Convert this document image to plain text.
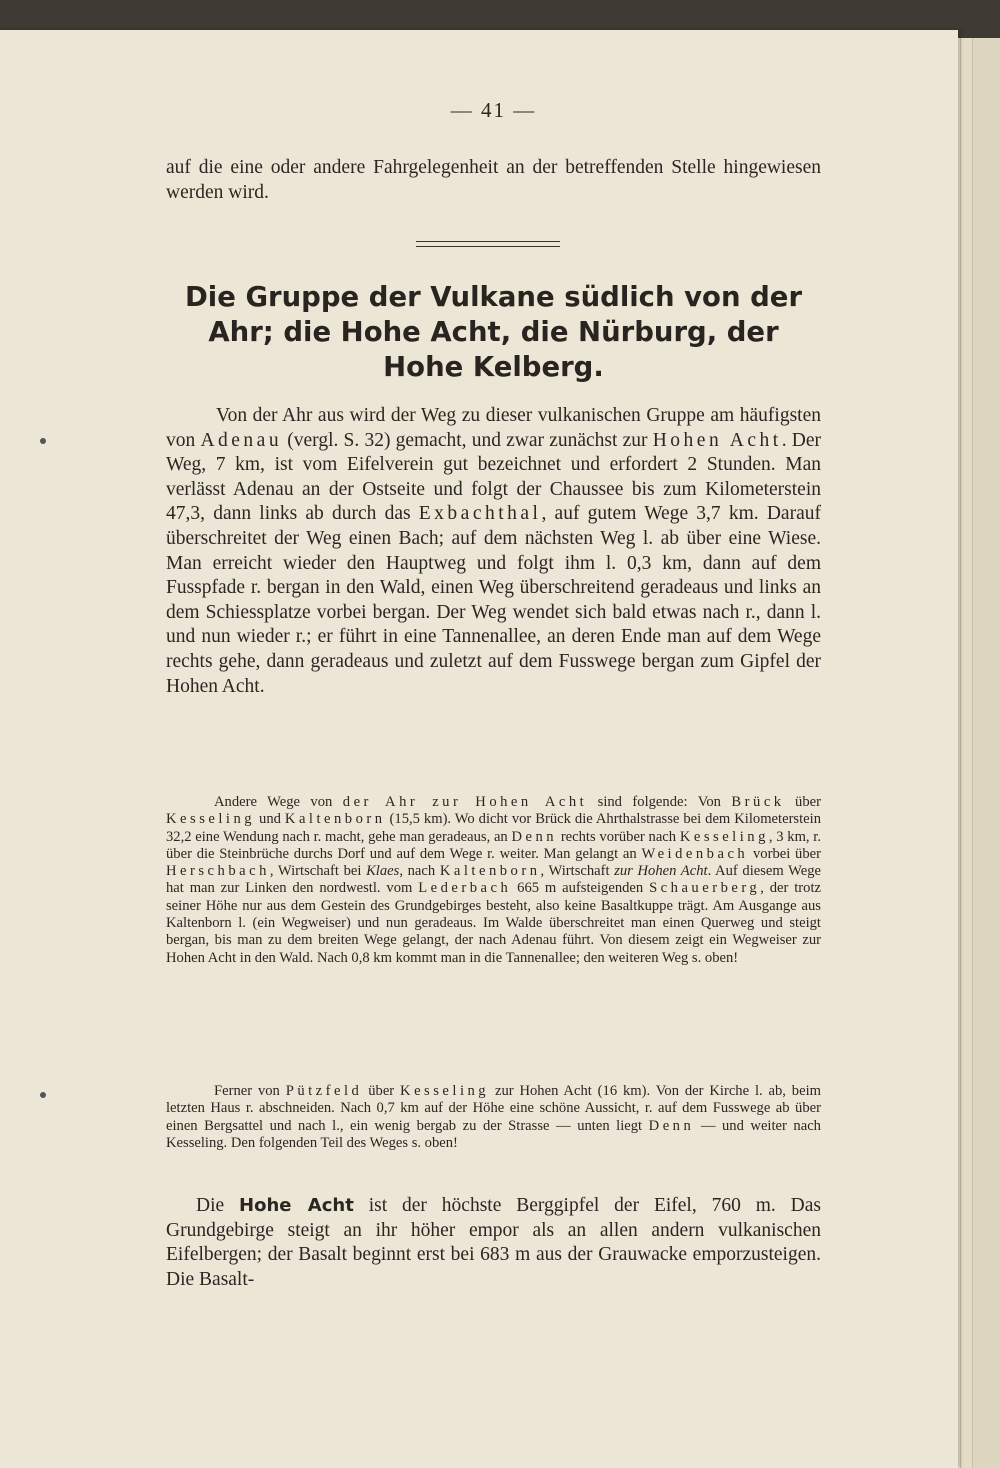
— 41 —

auf die eine oder andere Fahrgelegenheit an der betreffenden Stelle hingewiesen werden wird.

Die Gruppe der Vulkane südlich von der Ahr; die Hohe Acht, die Nürburg, der Hohe Kelberg.

Von der Ahr aus wird der Weg zu dieser vulkanischen Gruppe am häufigsten von Adenau (vergl. S. 32) gemacht, und zwar zunächst zur Hohen Acht. Der Weg, 7 km, ist vom Eifelverein gut bezeichnet und erfordert 2 Stunden. Man verlässt Adenau an der Ostseite und folgt der Chaussee bis zum Kilometerstein 47,3, dann links ab durch das Exbachthal, auf gutem Wege 3,7 km. Darauf überschreitet der Weg einen Bach; auf dem nächsten Weg l. ab über eine Wiese. Man erreicht wieder den Hauptweg und folgt ihm l. 0,3 km, dann auf dem Fusspfade r. bergan in den Wald, einen Weg überschreitend geradeaus und links an dem Schiessplatze vorbei bergan. Der Weg wendet sich bald etwas nach r., dann l. und nun wieder r.; er führt in eine Tannenallee, an deren Ende man auf dem Wege rechts gehe, dann geradeaus und zuletzt auf dem Fusswege bergan zum Gipfel der Hohen Acht.

Andere Wege von der Ahr zur Hohen Acht sind folgende: Von Brück über Kesseling und Kaltenborn (15,5 km). Wo dicht vor Brück die Ahrthalstrasse bei dem Kilometerstein 32,2 eine Wendung nach r. macht, gehe man geradeaus, an Denn rechts vorüber nach Kesseling, 3 km, r. über die Steinbrüche durchs Dorf und auf dem Wege r. weiter. Man gelangt an Weidenbach vorbei über Herschbach, Wirtschaft bei Klaes, nach Kaltenborn, Wirtschaft zur Hohen Acht. Auf diesem Wege hat man zur Linken den nordwestl. vom Lederbach 665 m aufsteigenden Schauerberg, der trotz seiner Höhe nur aus dem Gestein des Grundgebirges besteht, also keine Basaltkuppe trägt. Am Ausgange aus Kaltenborn l. (ein Wegweiser) und nun geradeaus. Im Walde überschreitet man einen Querweg und steigt bergan, bis man zu dem breiten Wege gelangt, der nach Adenau führt. Von diesem zeigt ein Wegweiser zur Hohen Acht in den Wald. Nach 0,8 km kommt man in die Tannenallee; den weiteren Weg s. oben!

Ferner von Pützfeld über Kesseling zur Hohen Acht (16 km). Von der Kirche l. ab, beim letzten Haus r. abschneiden. Nach 0,7 km auf der Höhe eine schöne Aussicht, r. auf dem Fusswege ab über einen Bergsattel und nach l., ein wenig bergab zu der Strasse — unten liegt Denn — und weiter nach Kesseling. Den folgenden Teil des Weges s. oben!

Die Hohe Acht ist der höchste Berggipfel der Eifel, 760 m. Das Grundgebirge steigt an ihr höher empor als an allen andern vulkanischen Eifelbergen; der Basalt beginnt erst bei 683 m aus der Grauwacke emporzusteigen. Die Basalt-
